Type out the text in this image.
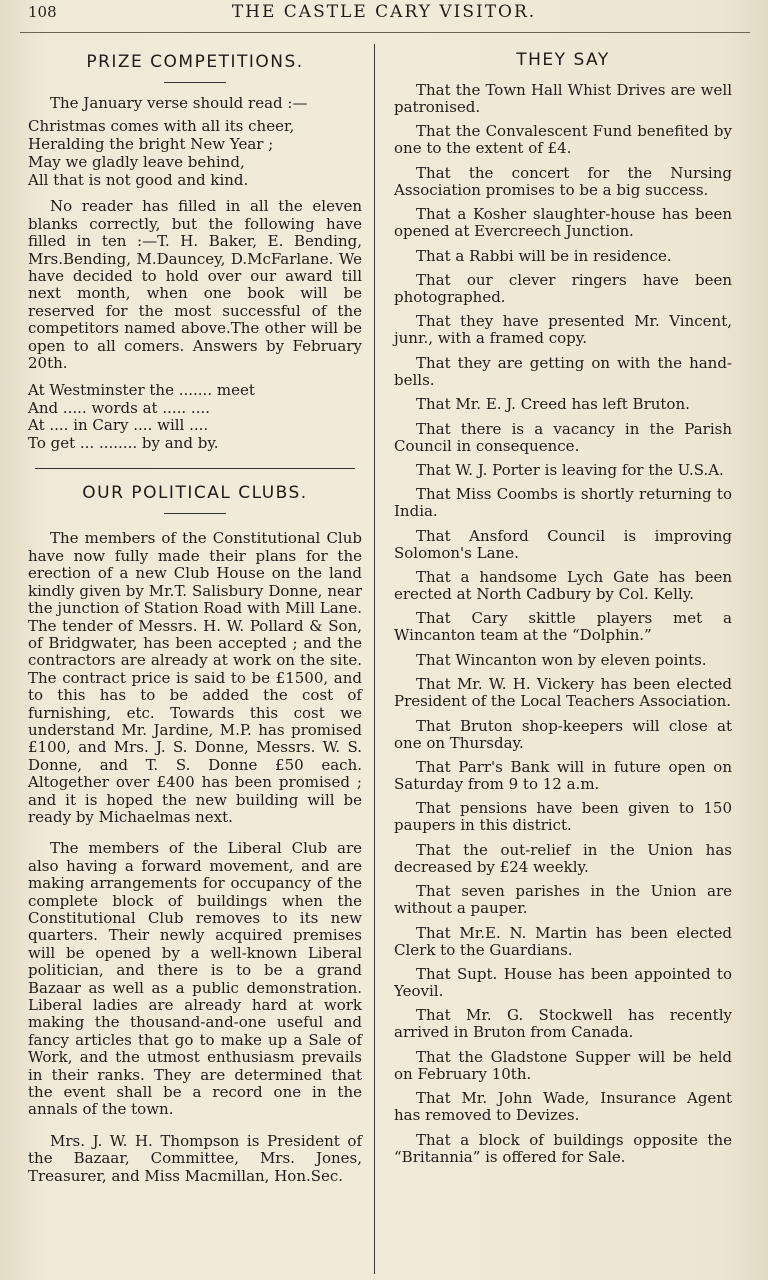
108	THE CASTLE CARY VISITOR.
PRIZE COMPETITIONS.

The January verse should read :—

Christmas comes with all its cheer,
Heralding the bright New Year ;
May we gladly leave behind,
All that is not good and kind.

No reader has filled in all the eleven blanks correctly, but the following have filled in ten :—T. H. Baker, E. Bending, Mrs.Bending, M.Dauncey, D.McFarlane. We have decided to hold over our award till next month, when one book will be reserved for the most successful of the competitors named above.The other will be open to all comers. Answers by February 20th.

At Westminster the ....... meet
And ..... words at ..... ....
At .... in Cary .... will ....
To get ... ........ by and by.
OUR POLITICAL CLUBS.

The members of the Constitutional Club have now fully made their plans for the erection of a new Club House on the land kindly given by Mr.T. Salisbury Donne, near the junction of Station Road with Mill Lane. The tender of Messrs. H. W. Pollard & Son, of Bridgwater, has been accepted ; and the contractors are already at work on the site. The contract price is said to be £1500, and to this has to be added the cost of furnishing, etc. Towards this cost we understand Mr. Jardine, M.P. has promised £100, and Mrs. J. S. Donne, Messrs. W. S. Donne, and T. S. Donne £50 each. Altogether over £400 has been promised ; and it is hoped the new building will be ready by Michaelmas next.

The members of the Liberal Club are also having a forward movement, and are making arrangements for occupancy of the complete block of buildings when the Constitutional Club removes to its new quarters. Their newly acquired premises will be opened by a well-known Liberal politician, and there is to be a grand Bazaar as well as a public demonstration. Liberal ladies are already hard at work making the thousand-and-one useful and fancy articles that go to make up a Sale of Work, and the utmost enthusiasm prevails in their ranks. They are determined that the event shall be a record one in the annals of the town.

Mrs. J. W. H. Thompson is President of the Bazaar, Committee, Mrs. Jones, Treasurer, and Miss Macmillan, Hon.Sec.

THEY SAY

That the Town Hall Whist Drives are well patronised.

That the Convalescent Fund benefited by one to the extent of £4.

That the concert for the Nursing Association promises to be a big success.

That a Kosher slaughter-house has been opened at Evercreech Junction.

That a Rabbi will be in residence.

That our clever ringers have been photographed.

That they have presented Mr. Vincent, junr., with a framed copy.

That they are getting on with the hand-bells.

That Mr. E. J. Creed has left Bruton.

That there is a vacancy in the Parish Council in consequence.

That W. J. Porter is leaving for the U.S.A.

That Miss Coombs is shortly returning to India.

That Ansford Council is improving Solomon's Lane.

That a handsome Lych Gate has been erected at North Cadbury by Col. Kelly.

That Cary skittle players met a Wincanton team at the “Dolphin.”

That Wincanton won by eleven points.

That Mr. W. H. Vickery has been elected President of the Local Teachers Association.

That Bruton shop-keepers will close at one on Thursday.

That Parr's Bank will in future open on Saturday from 9 to 12 a.m.

That pensions have been given to 150 paupers in this district.

That the out-relief in the Union has decreased by £24 weekly.

That seven parishes in the Union are without a pauper.

That Mr.E. N. Martin has been elected Clerk to the Guardians.

That Supt. House has been appointed to Yeovil.

That Mr. G. Stockwell has recently arrived in Bruton from Canada.

That the Gladstone Supper will be held on February 10th.

That Mr. John Wade, Insurance Agent has removed to Devizes.

That a block of buildings opposite the “Britannia” is offered for Sale.
